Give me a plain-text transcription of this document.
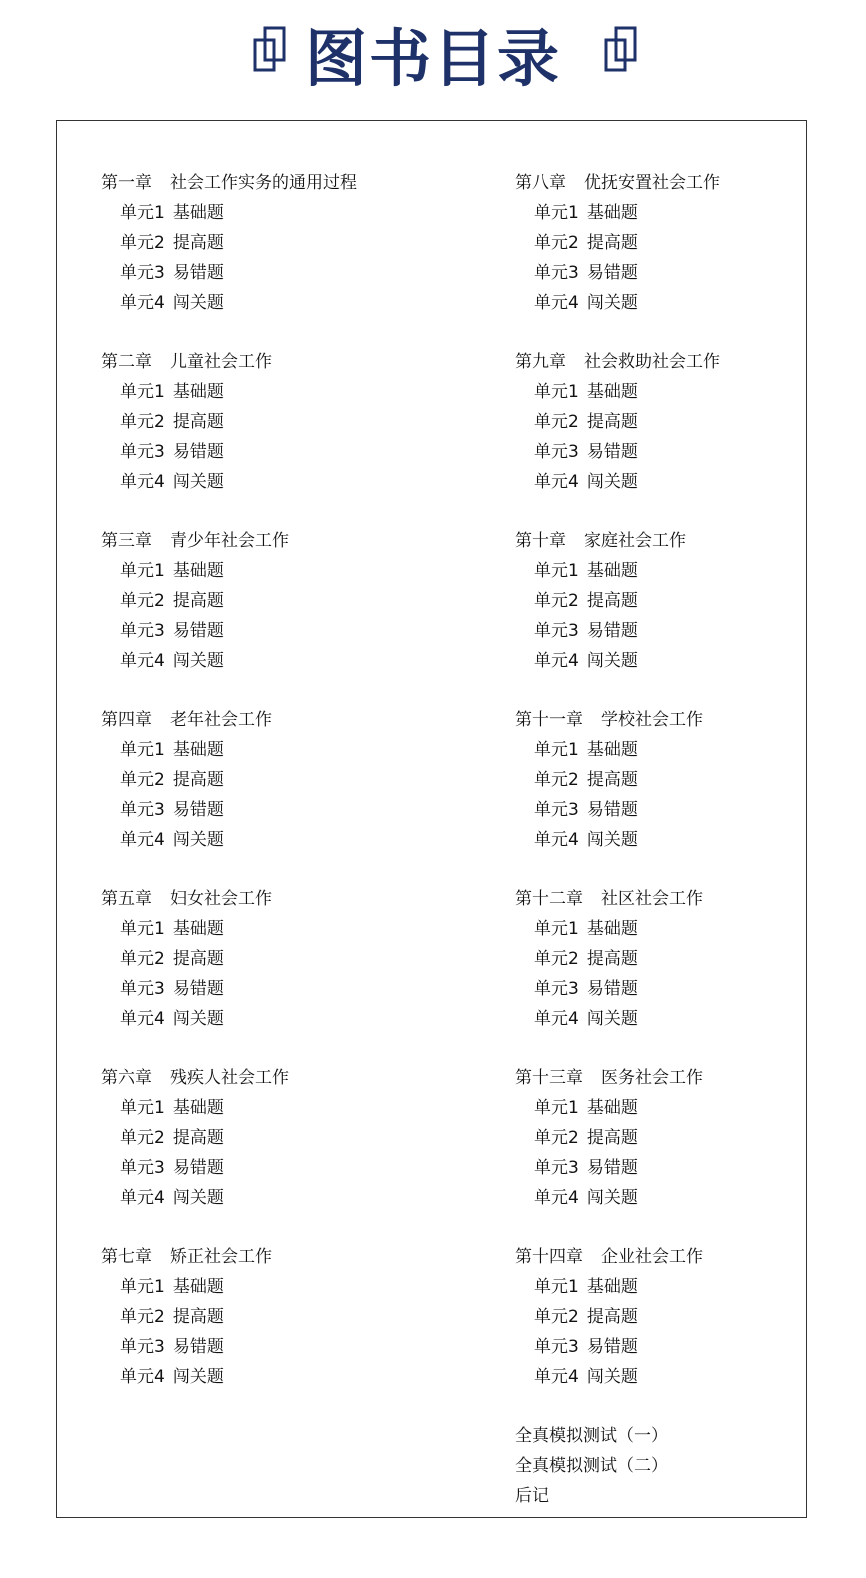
图书目录
第一章 社会工作实务的通用过程
单元1 基础题
单元2 提高题
单元3 易错题
单元4 闯关题
第二章 儿童社会工作
单元1 基础题
单元2 提高题
单元3 易错题
单元4 闯关题
第三章 青少年社会工作
单元1 基础题
单元2 提高题
单元3 易错题
单元4 闯关题
第四章 老年社会工作
单元1 基础题
单元2 提高题
单元3 易错题
单元4 闯关题
第五章 妇女社会工作
单元1 基础题
单元2 提高题
单元3 易错题
单元4 闯关题
第六章 残疾人社会工作
单元1 基础题
单元2 提高题
单元3 易错题
单元4 闯关题
第七章 矫正社会工作
单元1 基础题
单元2 提高题
单元3 易错题
单元4 闯关题
第八章 优抚安置社会工作
单元1 基础题
单元2 提高题
单元3 易错题
单元4 闯关题
第九章 社会救助社会工作
单元1 基础题
单元2 提高题
单元3 易错题
单元4 闯关题
第十章 家庭社会工作
单元1 基础题
单元2 提高题
单元3 易错题
单元4 闯关题
第十一章 学校社会工作
单元1 基础题
单元2 提高题
单元3 易错题
单元4 闯关题
第十二章 社区社会工作
单元1 基础题
单元2 提高题
单元3 易错题
单元4 闯关题
第十三章 医务社会工作
单元1 基础题
单元2 提高题
单元3 易错题
单元4 闯关题
第十四章 企业社会工作
单元1 基础题
单元2 提高题
单元3 易错题
单元4 闯关题
全真模拟测试（一）
全真模拟测试（二）
后记
